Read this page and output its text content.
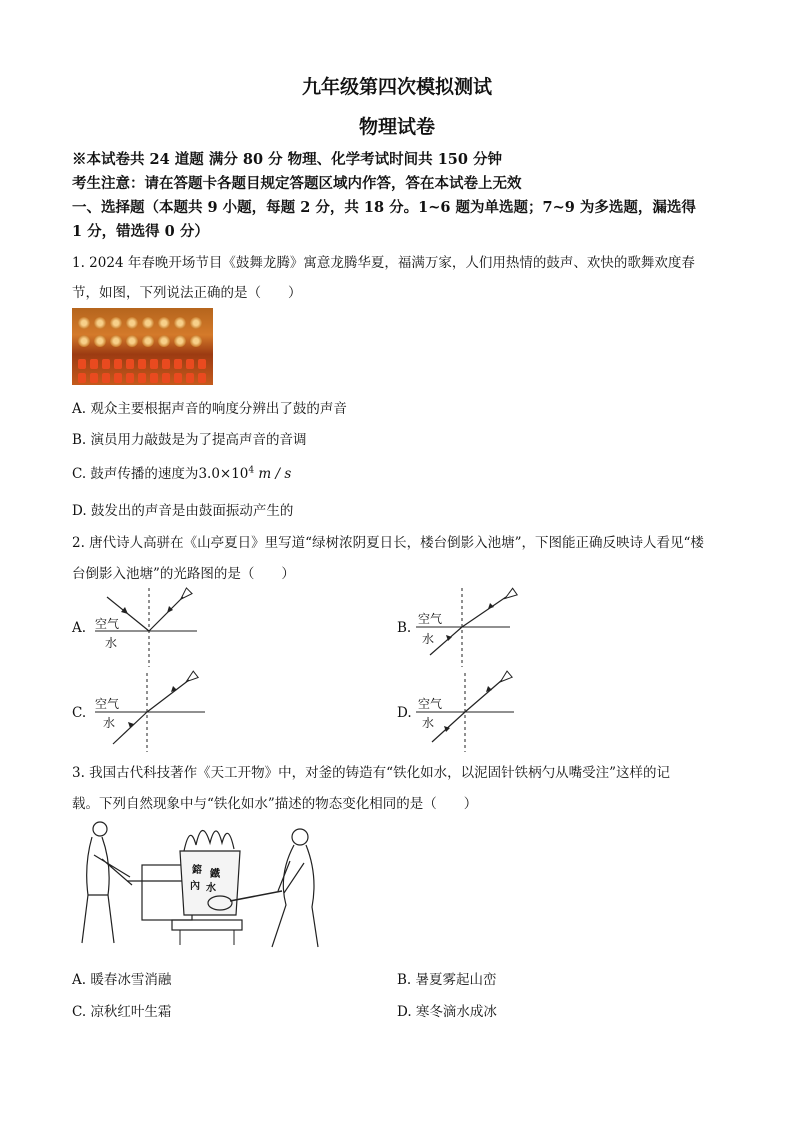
九年级第四次模拟测试
物理试卷
※本试卷共 24 道题 满分 80 分 物理、化学考试时间共 150 分钟
考生注意：请在答题卡各题目规定答题区域内作答，答在本试卷上无效
一、选择题（本题共 9 小题，每题 2 分，共 18 分。1~6 题为单选题；7~9 为多选题，漏选得
1 分，错选得 0 分）
1. 2024 年春晚开场节目《鼓舞龙腾》寓意龙腾华夏，福满万家，人们用热情的鼓声、欢快的歌舞欢度春
节，如图，下列说法正确的是（　　）
A. 观众主要根据声音的响度分辨出了鼓的声音
B. 演员用力敲鼓是为了提高声音的音调
C. 鼓声传播的速度为$3.0\times 10^4$ m / s
D. 鼓发出的声音是由鼓面振动产生的
2. 唐代诗人高骈在《山亭夏日》里写道“绿树浓阴夏日长，楼台倒影入池塘”，下图能正确反映诗人看见“楼
台倒影入池塘”的光路图的是（　　）
A. 空气
水
B.
空气
水
C.
空气
水
D.
空气
水
3. 我国古代科技著作《天工开物》中，对釜的铸造有“铁化如水，以泥固针铁柄勺从嘴受注”这样的记
载。下列自然现象中与“铁化如水”描述的物态变化相同的是（　　）
鎔 鐵
內 水
A. 暖春冰雪消融	B. 暑夏雾起山峦
C. 凉秋红叶生霜	D. 寒冬滴水成冰
